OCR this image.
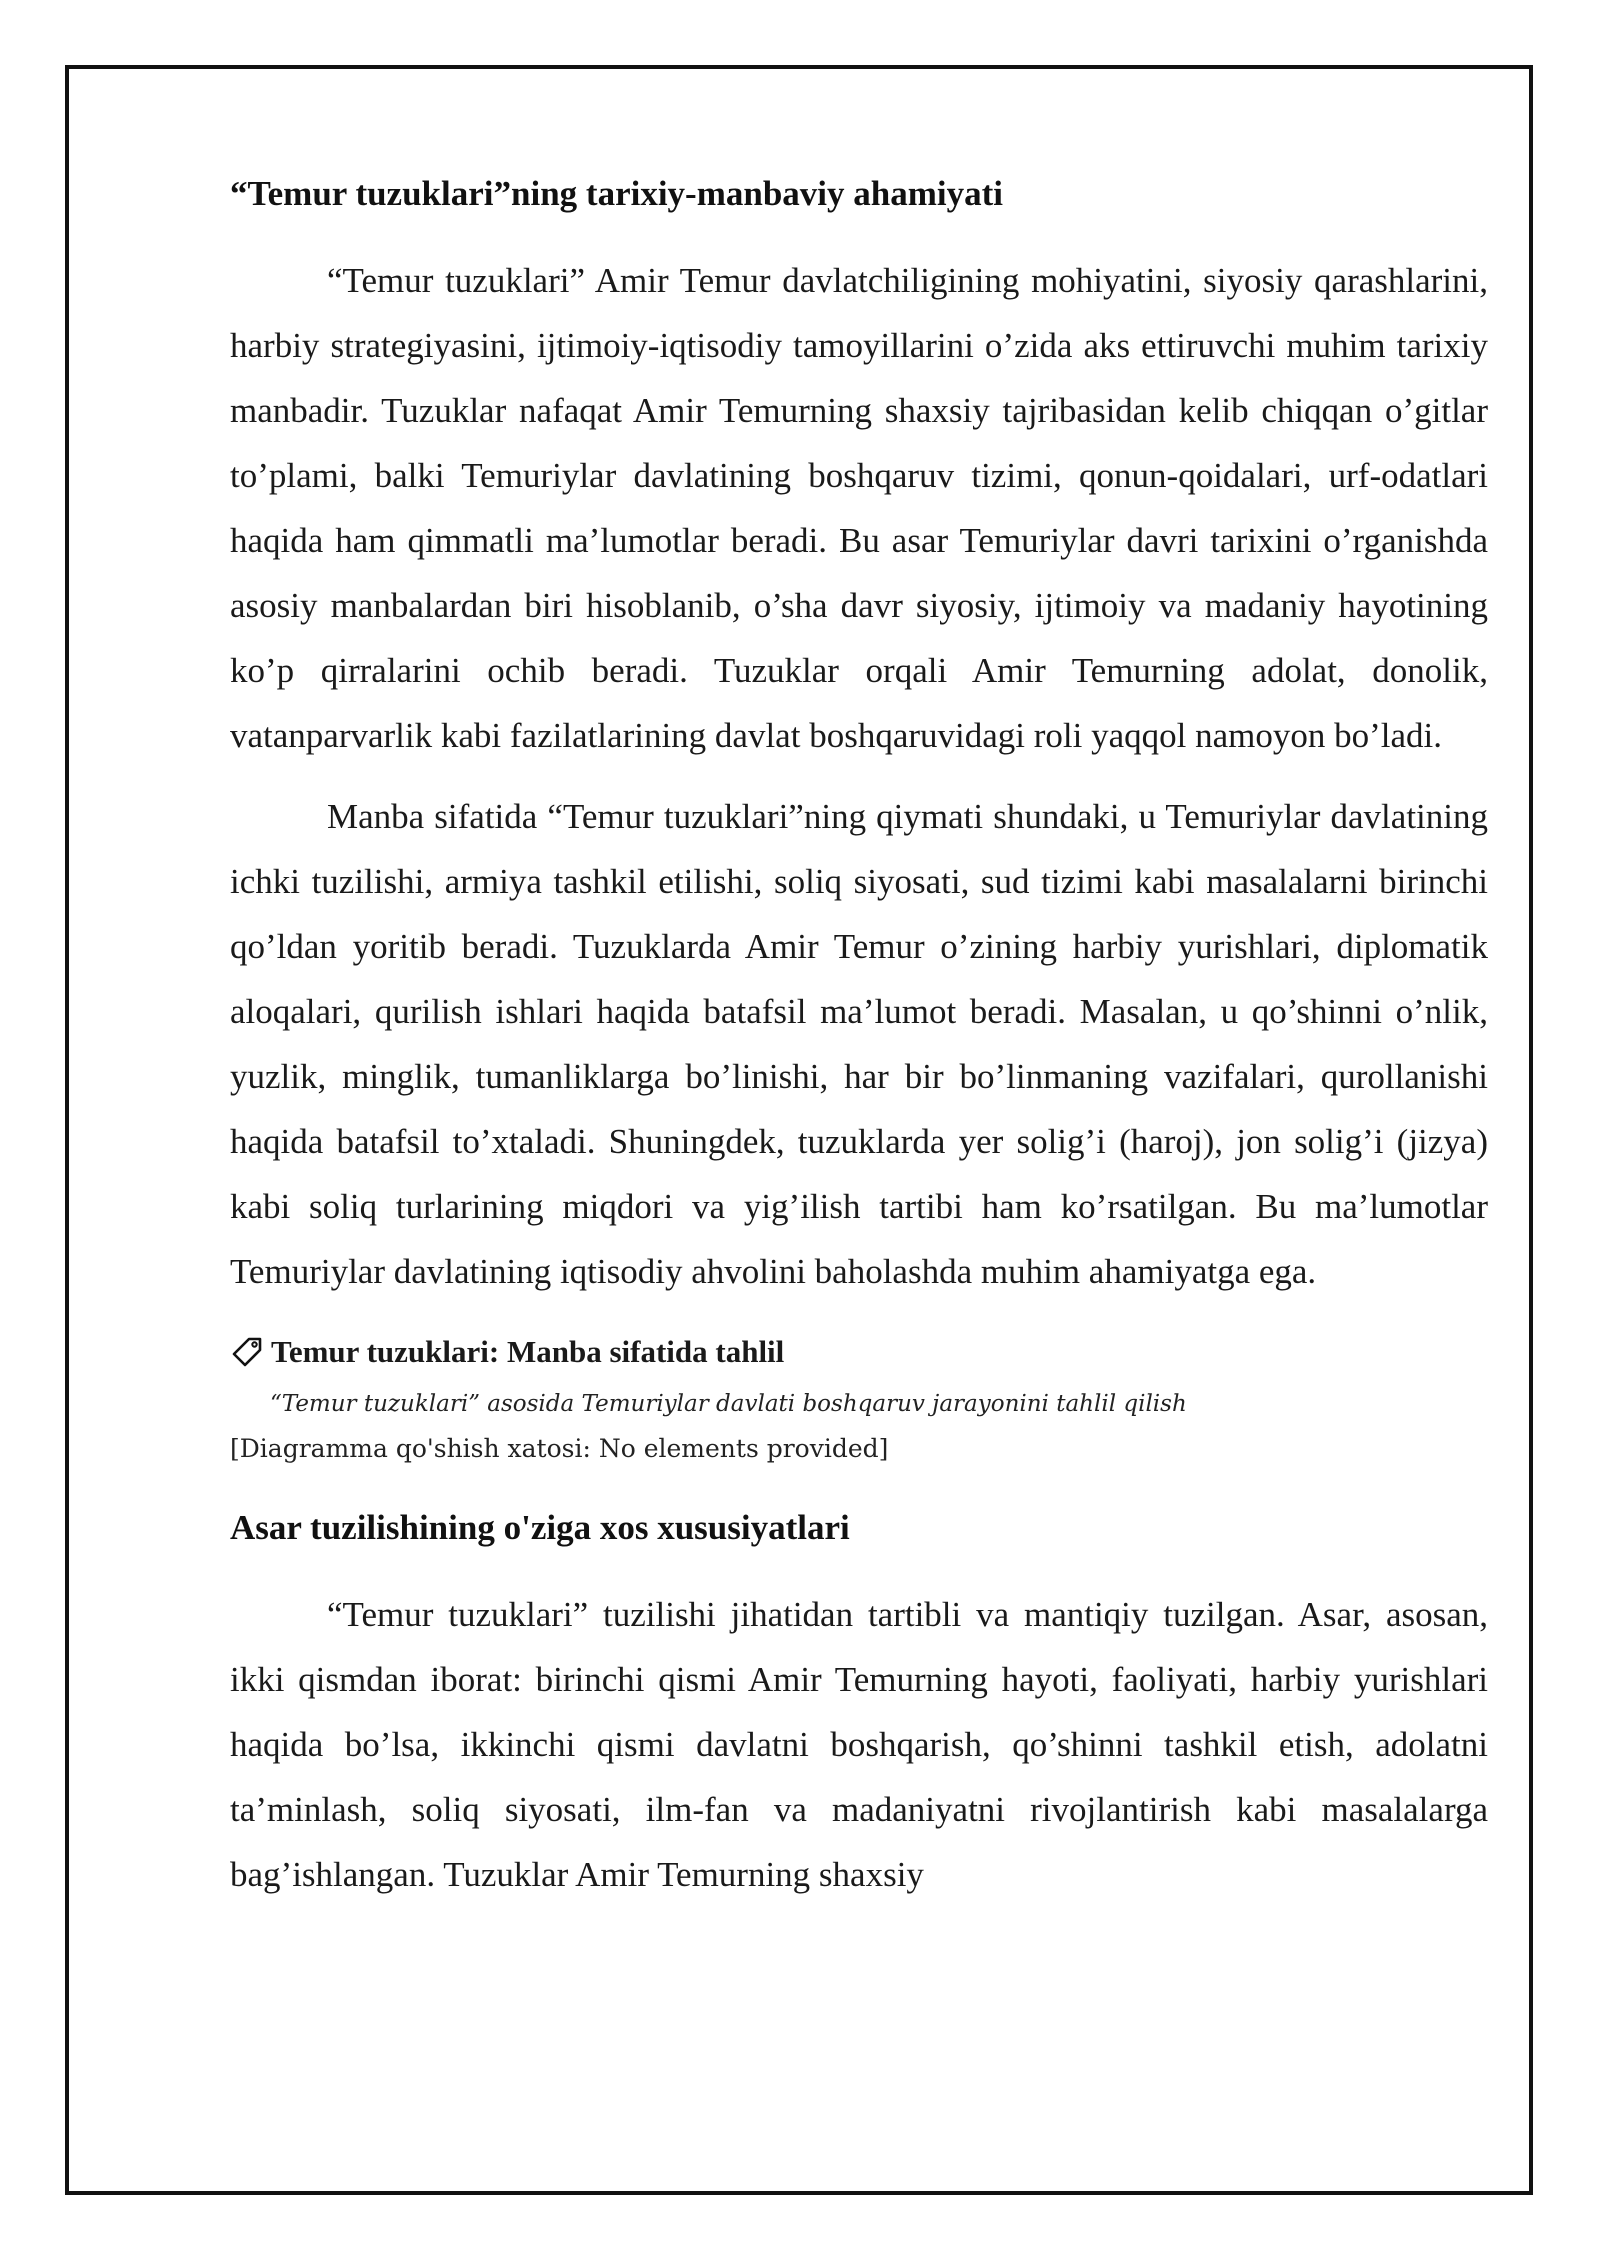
“Temur tuzuklari”ning tarixiy-manbaviy ahamiyati

“Temur tuzuklari” Amir Temur davlatchiligining mohiyatini, siyosiy qarashlarini, harbiy strategiyasini, ijtimoiy-iqtisodiy tamoyillarini o’zida aks ettiruvchi muhim tarixiy manbadir. Tuzuklar nafaqat Amir Temurning shaxsiy tajribasidan kelib chiqqan o’gitlar to’plami, balki Temuriylar davlatining boshqaruv tizimi, qonun-qoidalari, urf-odatlari haqida ham qimmatli ma’lumotlar beradi. Bu asar Temuriylar davri tarixini o’rganishda asosiy manbalardan biri hisoblanib, o’sha davr siyosiy, ijtimoiy va madaniy hayotining ko’p qirralarini ochib beradi. Tuzuklar orqali Amir Temurning adolat, donolik, vatanparvarlik kabi fazilatlarining davlat boshqaruvidagi roli yaqqol namoyon bo’ladi.

Manba sifatida “Temur tuzuklari”ning qiymati shundaki, u Temuriylar davlatining ichki tuzilishi, armiya tashkil etilishi, soliq siyosati, sud tizimi kabi masalalarni birinchi qo’ldan yoritib beradi. Tuzuklarda Amir Temur o’zining harbiy yurishlari, diplomatik aloqalari, qurilish ishlari haqida batafsil ma’lumot beradi. Masalan, u qo’shinni o’nlik, yuzlik, minglik, tumanliklarga bo’linishi, har bir bo’linmaning vazifalari, qurollanishi haqida batafsil to’xtaladi. Shuningdek, tuzuklarda yer solig’i (haroj), jon solig’i (jizya) kabi soliq turlarining miqdori va yig’ilish tartibi ham ko’rsatilgan. Bu ma’lumotlar Temuriylar davlatining iqtisodiy ahvolini baholashda muhim ahamiyatga ega.

Temur tuzuklari: Manba sifatida tahlil
“Temur tuzuklari” asosida Temuriylar davlati boshqaruv jarayonini tahlil qilish
[Diagramma qo'shish xatosi: No elements provided]
Asar tuzilishining o'ziga xos xususiyatlari

“Temur tuzuklari” tuzilishi jihatidan tartibli va mantiqiy tuzilgan. Asar, asosan, ikki qismdan iborat: birinchi qismi Amir Temurning hayoti, faoliyati, harbiy yurishlari haqida bo’lsa, ikkinchi qismi davlatni boshqarish, qo’shinni tashkil etish, adolatni ta’minlash, soliq siyosati, ilm-fan va madaniyatni rivojlantirish kabi masalalarga bag’ishlangan. Tuzuklar Amir Temurning shaxsiy
